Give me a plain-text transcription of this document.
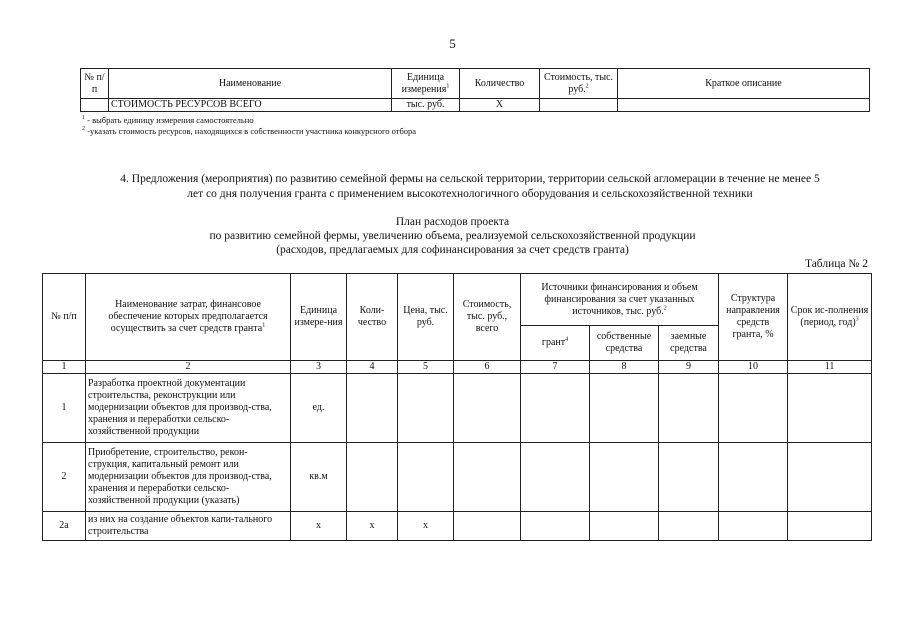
5
№ п/п	Наименование	Единица измерения$^1$	Количество	Стоимость, тыс. руб.$^2$	Краткое описание
	СТОИМОСТЬ РЕСУРСОВ ВСЕГО	тыс. руб.	Х		
$^1$ - выбрать единицу измерения самостоятельно
$^2$ -указать стоимость ресурсов, находящихся в собственности участника конкурсного отбора
4. Предложения (мероприятия) по развитию семейной фермы на сельской территории, территории сельской агломерации в течение не менее 5
лет со дня получения гранта с применением высокотехнологичного оборудования и сельскохозяйственной техники
План расходов проекта
по развитию семейной фермы, увеличению объема, реализуемой сельскохозяйственной продукции
(расходов, предлагаемых для софинансирования за счет средств гранта)
Таблица № 2
№ п/п	Наименование затрат, финансовое обеспечение которых предполагается осуществить за счет средств гранта$^1$	Единица измере-ния	Коли-чество	Цена, тыс. руб.	Стоимость, тыс. руб., всего	Источники финансирования и объем финансирования за счет указанных источников, тыс. руб.$^2$			Структура направления средств гранта, %	Срок ис-полнения (период, год)$^3$
						грант$^4$	собственные средства	заемные средства		
1	2	3	4	5	6	7	8	9	10	11
1	Разработка проектной документации строительства, реконструкции или модернизации объектов для производ-ства, хранения и переработки сельско-хозяйственной продукции	ед.								
2	Приобретение, строительство, рекон-струкция, капитальный ремонт или модернизации объектов для производ-ства, хранения и переработки сельско-хозяйственной продукции (указать)	кв.м								
2а	из них на создание объектов капи-тального строительства	х	х	х						
